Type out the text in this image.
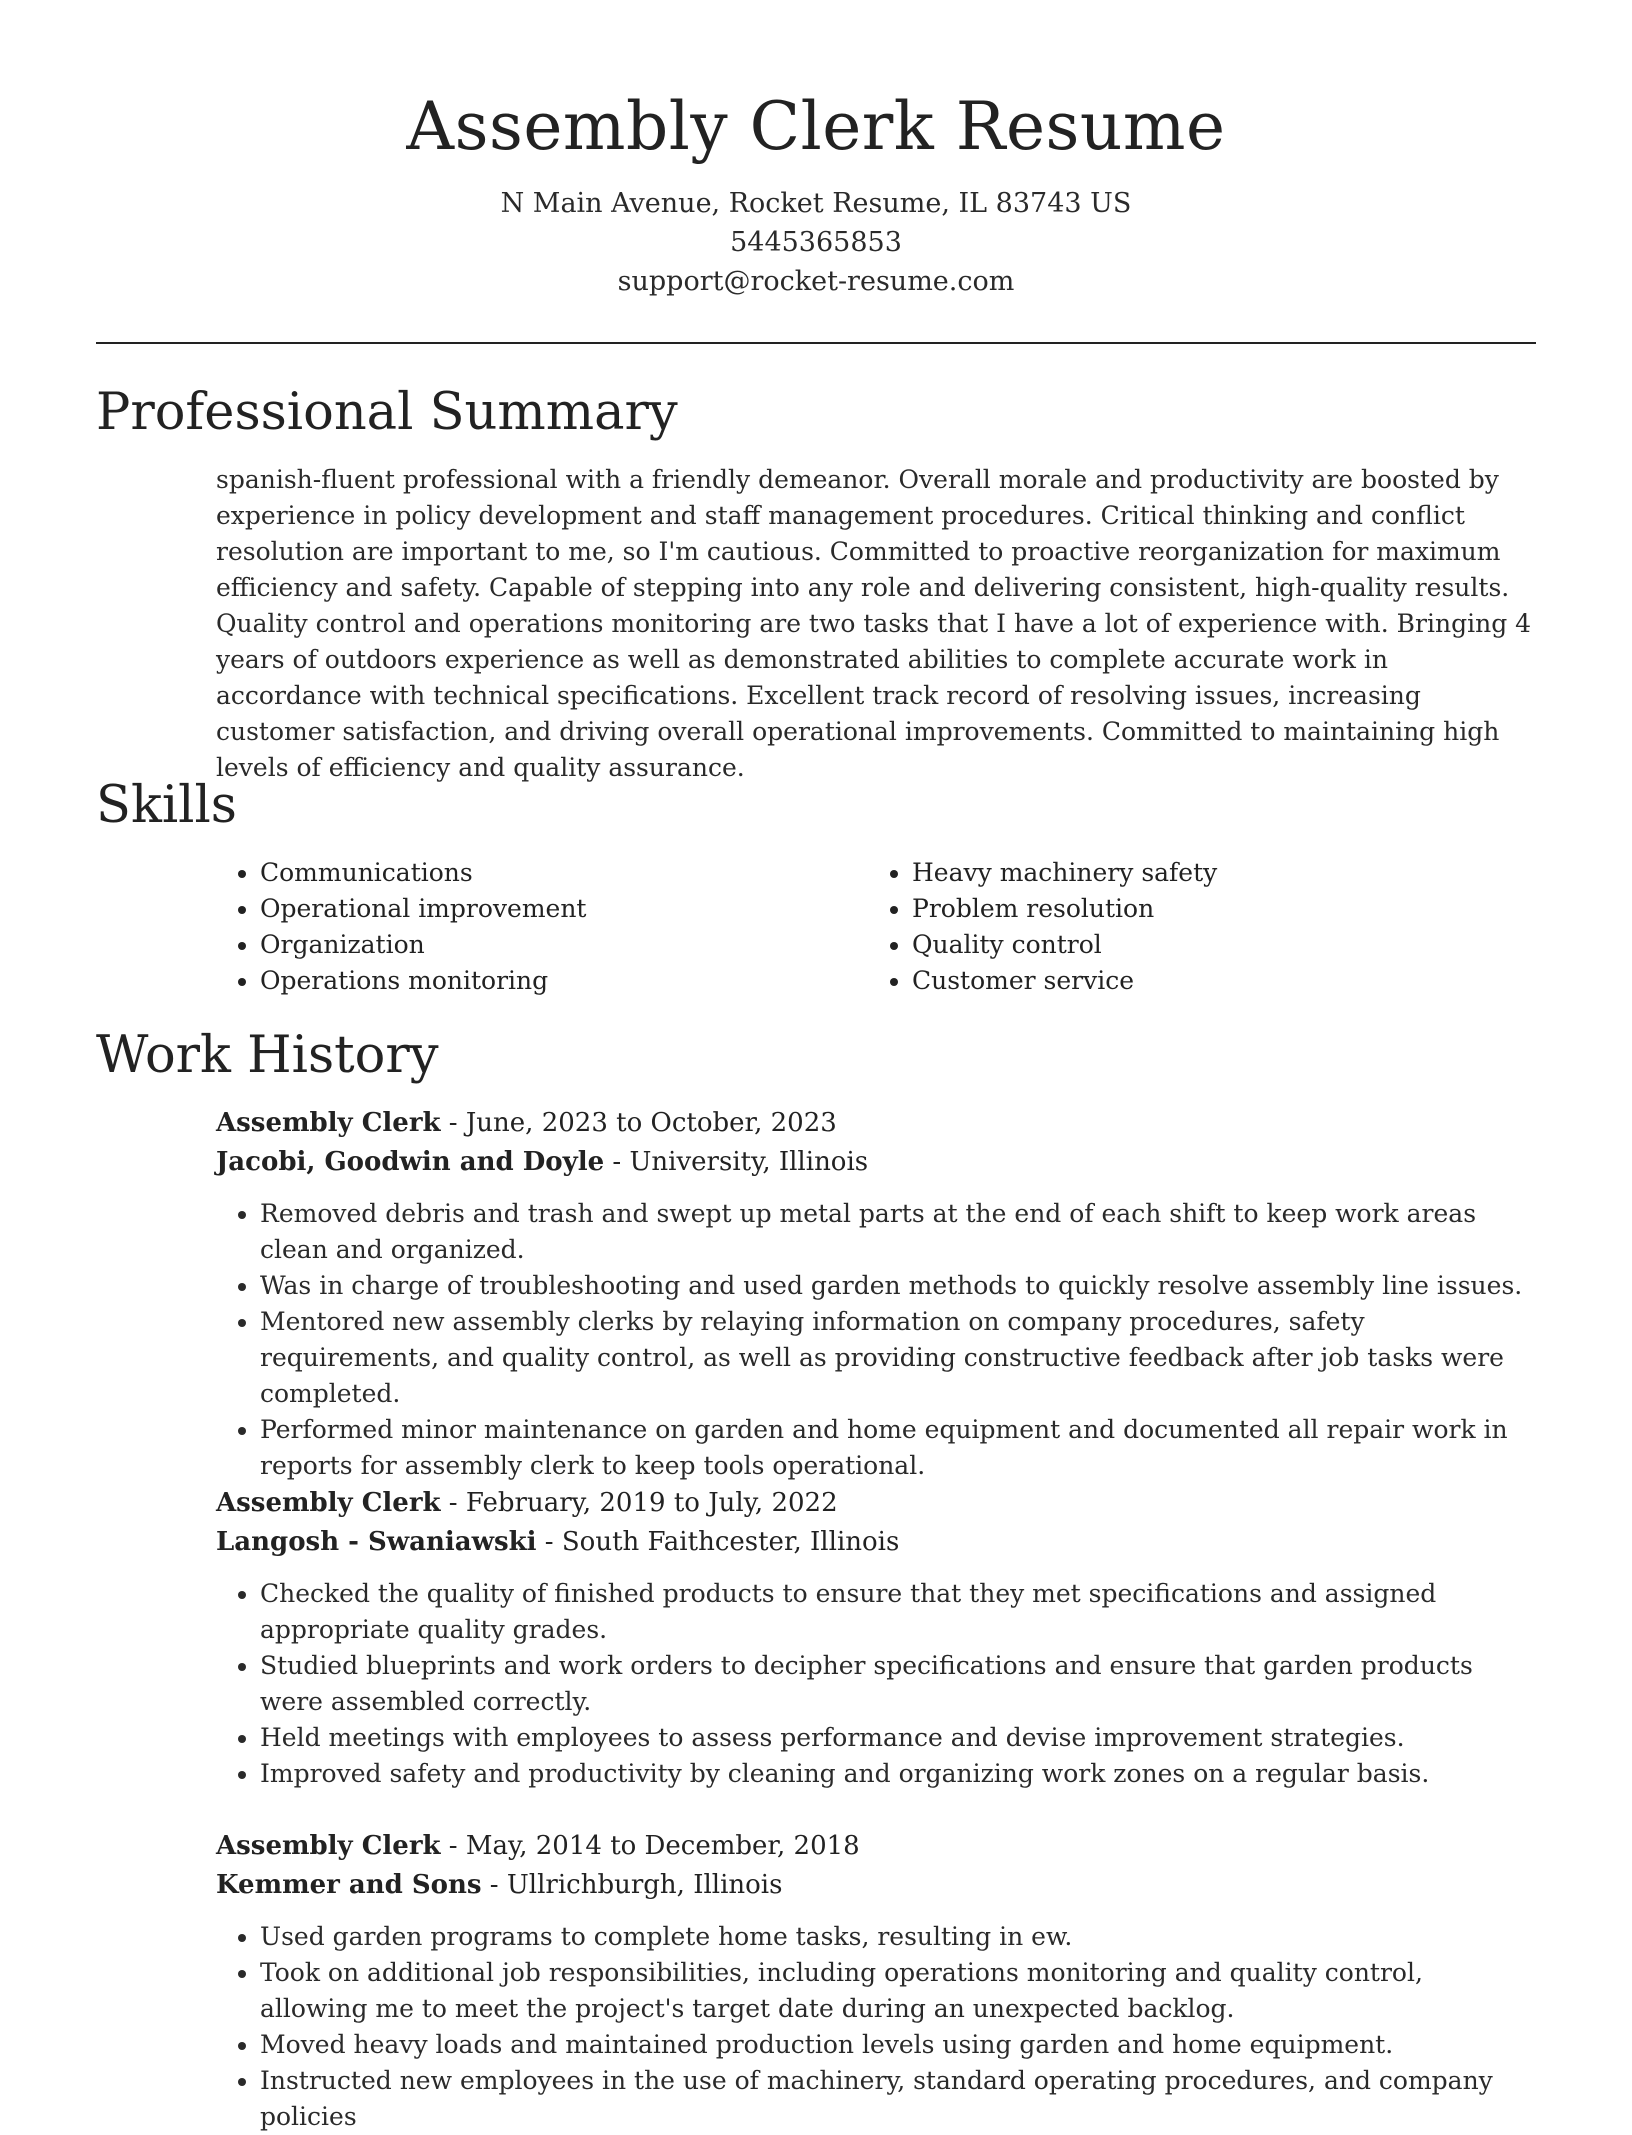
Assembly Clerk Resume
N Main Avenue, Rocket Resume, IL 83743 US
5445365853
support@rocket-resume.com
Professional Summary

spanish-fluent professional with a friendly demeanor. Overall morale and productivity are boosted by experience in policy development and staff management procedures. Critical thinking and conflict resolution are important to me, so I'm cautious. Committed to proactive reorganization for maximum efficiency and safety. Capable of stepping into any role and delivering consistent, high-quality results. Quality control and operations monitoring are two tasks that I have a lot of experience with. Bringing 4 years of outdoors experience as well as demonstrated abilities to complete accurate work in accordance with technical specifications. Excellent track record of resolving issues, increasing customer satisfaction, and driving overall operational improvements. Committed to maintaining high levels of efficiency and quality assurance.

Skills
• Communications
• Operational improvement
• Organization
• Operations monitoring
• Heavy machinery safety
• Problem resolution
• Quality control
• Customer service
Work History
Assembly Clerk - June, 2023 to October, 2023
Jacobi, Goodwin and Doyle - University, Illinois
• Removed debris and trash and swept up metal parts at the end of each shift to keep work areas clean and organized.
• Was in charge of troubleshooting and used garden methods to quickly resolve assembly line issues.
• Mentored new assembly clerks by relaying information on company procedures, safety requirements, and quality control, as well as providing constructive feedback after job tasks were completed.
• Performed minor maintenance on garden and home equipment and documented all repair work in reports for assembly clerk to keep tools operational.
Assembly Clerk - February, 2019 to July, 2022
Langosh - Swaniawski - South Faithcester, Illinois
• Checked the quality of finished products to ensure that they met specifications and assigned appropriate quality grades.
• Studied blueprints and work orders to decipher specifications and ensure that garden products were assembled correctly.
• Held meetings with employees to assess performance and devise improvement strategies.
• Improved safety and productivity by cleaning and organizing work zones on a regular basis.
Assembly Clerk - May, 2014 to December, 2018
Kemmer and Sons - Ullrichburgh, Illinois
• Used garden programs to complete home tasks, resulting in ew.
• Took on additional job responsibilities, including operations monitoring and quality control, allowing me to meet the project's target date during an unexpected backlog.
• Moved heavy loads and maintained production levels using garden and home equipment.
• Instructed new employees in the use of machinery, standard operating procedures, and company policies
